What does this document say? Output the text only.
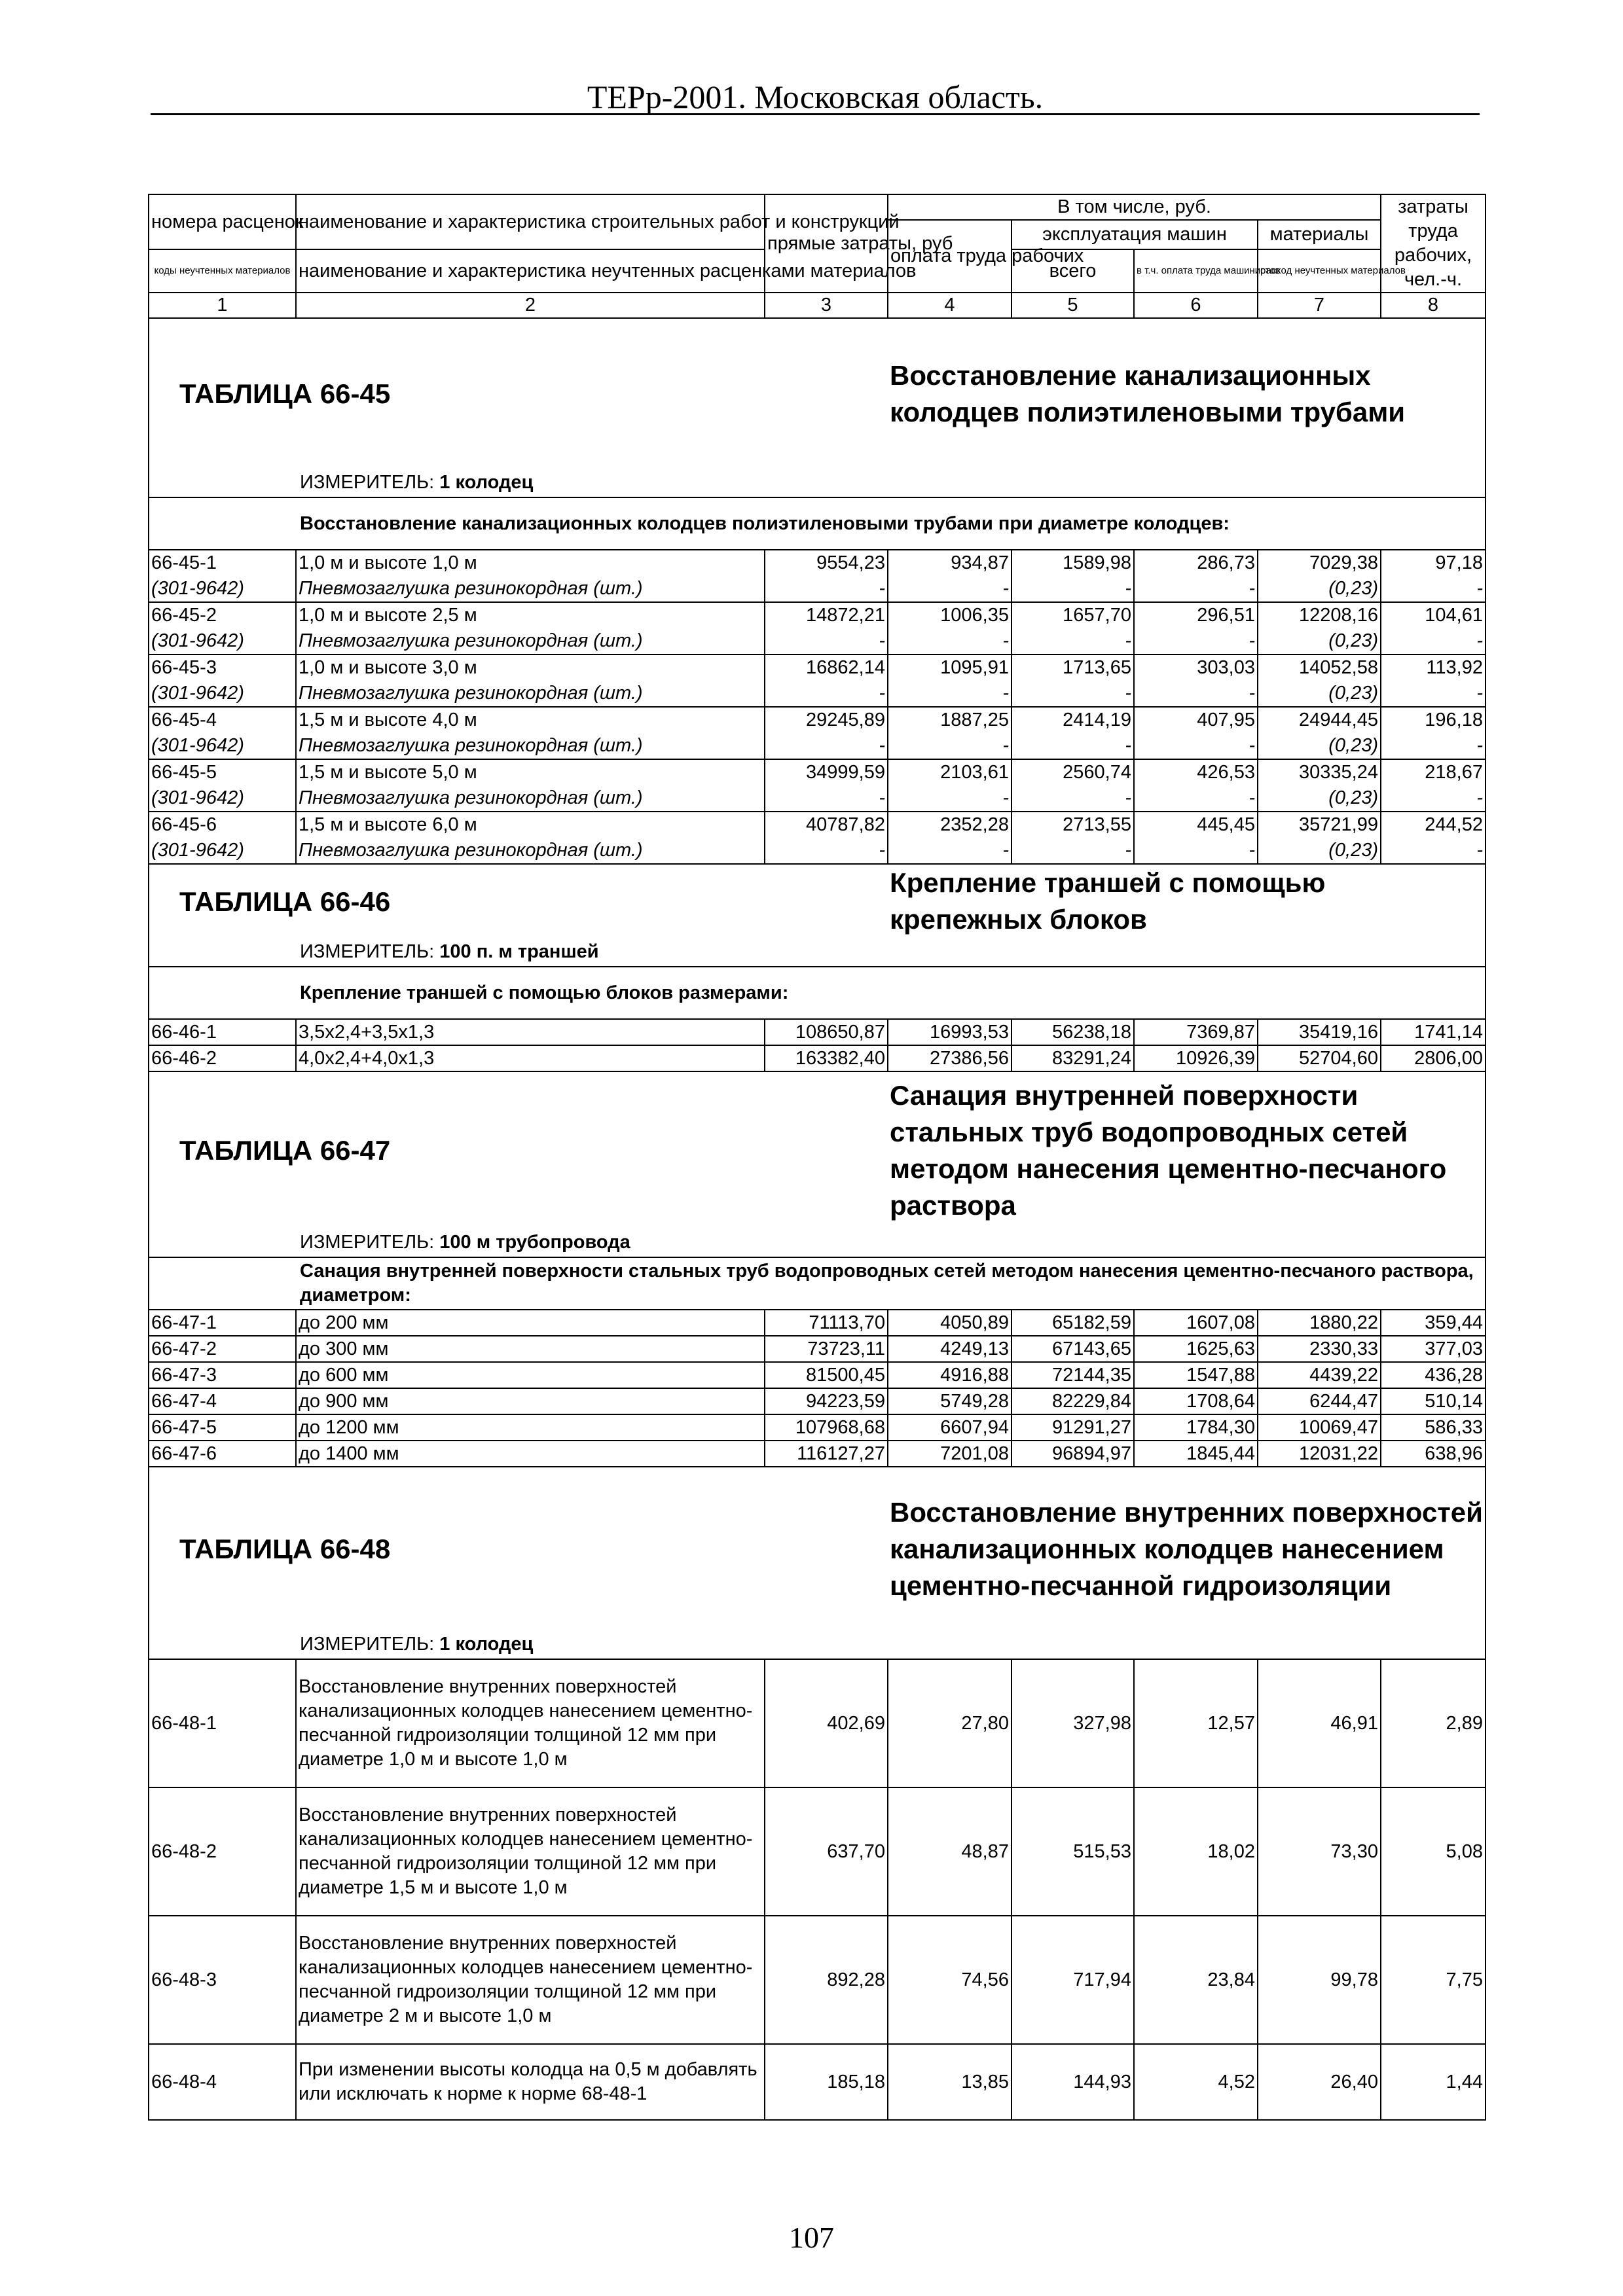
ТЕРр-2001. Московская область.
номера расценок	наименование и характеристика строительных работ и конструкций	прямые затраты, руб	В том числе, руб.				затраты труда рабочих, чел.-ч.
			оплата труда рабочих	эксплуатация машин		материалы	
коды неучтенных материалов	наименование и характеристика неучтенных расценками материалов			всего	в т.ч. оплата труда машинистов	расход неучтенных материалов	

1	2	3	4	5	6	7	8
ТАБЛИЦА 66-45			Восстановление канализационных колодцев полиэтиленовыми трубами				
ИЗМЕРИТЕЛЬ: 1 колодец							
Восстановление канализационных колодцев полиэтиленовыми трубами при диаметре колодцев:							
66-45-1	1,0 м и высоте 1,0 м	9554,23	934,87	1589,98	286,73	7029,38	97,18
(301-9642)	Пневмозаглушка резинокордная (шт.)	-	-	-	-	(0,23)	-
66-45-2	1,0 м и высоте 2,5 м	14872,21	1006,35	1657,70	296,51	12208,16	104,61
(301-9642)	Пневмозаглушка резинокордная (шт.)	-	-	-	-	(0,23)	-
66-45-3	1,0 м и высоте 3,0 м	16862,14	1095,91	1713,65	303,03	14052,58	113,92
(301-9642)	Пневмозаглушка резинокордная (шт.)	-	-	-	-	(0,23)	-
66-45-4	1,5 м и высоте 4,0 м	29245,89	1887,25	2414,19	407,95	24944,45	196,18
(301-9642)	Пневмозаглушка резинокордная (шт.)	-	-	-	-	(0,23)	-
66-45-5	1,5 м и высоте 5,0 м	34999,59	2103,61	2560,74	426,53	30335,24	218,67
(301-9642)	Пневмозаглушка резинокордная (шт.)	-	-	-	-	(0,23)	-
66-45-6	1,5 м и высоте 6,0 м	40787,82	2352,28	2713,55	445,45	35721,99	244,52
(301-9642)	Пневмозаглушка резинокордная (шт.)	-	-	-	-	(0,23)	-
ТАБЛИЦА 66-46			Крепление траншей с помощью крепежных блоков				
ИЗМЕРИТЕЛЬ: 100 п. м траншей							
Крепление траншей с помощью блоков размерами:							
66-46-1	3,5x2,4+3,5x1,3	108650,87	16993,53	56238,18	7369,87	35419,16	1741,14
66-46-2	4,0x2,4+4,0x1,3	163382,40	27386,56	83291,24	10926,39	52704,60	2806,00
ТАБЛИЦА 66-47			Санация внутренней поверхности стальных труб водопроводных сетей методом нанесения цементно-песчаного раствора				
ИЗМЕРИТЕЛЬ: 100 м трубопровода							
Санация внутренней поверхности стальных труб водопроводных сетей методом нанесения цементно-песчаного раствора, диаметром:							
66-47-1	до 200 мм	71113,70	4050,89	65182,59	1607,08	1880,22	359,44
66-47-2	до 300 мм	73723,11	4249,13	67143,65	1625,63	2330,33	377,03
66-47-3	до 600 мм	81500,45	4916,88	72144,35	1547,88	4439,22	436,28
66-47-4	до 900 мм	94223,59	5749,28	82229,84	1708,64	6244,47	510,14
66-47-5	до 1200 мм	107968,68	6607,94	91291,27	1784,30	10069,47	586,33
66-47-6	до 1400 мм	116127,27	7201,08	96894,97	1845,44	12031,22	638,96
ТАБЛИЦА 66-48			Восстановление внутренних поверхностей канализационных колодцев нанесением цементно-песчанной гидроизоляции				
ИЗМЕРИТЕЛЬ: 1 колодец							
66-48-1	Восстановление внутренних поверхностей канализационных колодцев нанесением цементно-песчанной гидроизоляции толщиной 12 мм при диаметре 1,0 м и высоте 1,0 м	402,69	27,80	327,98	12,57	46,91	2,89
66-48-2	Восстановление внутренних поверхностей канализационных колодцев нанесением цементно-песчанной гидроизоляции толщиной 12 мм при диаметре 1,5 м и высоте 1,0 м	637,70	48,87	515,53	18,02	73,30	5,08
66-48-3	Восстановление внутренних поверхностей канализационных колодцев нанесением цементно-песчанной гидроизоляции толщиной 12 мм при диаметре 2 м и высоте 1,0 м	892,28	74,56	717,94	23,84	99,78	7,75
66-48-4	При изменении высоты колодца на 0,5 м добавлять или исключать к норме к норме 68-48-1	185,18	13,85	144,93	4,52	26,40	1,44
107
